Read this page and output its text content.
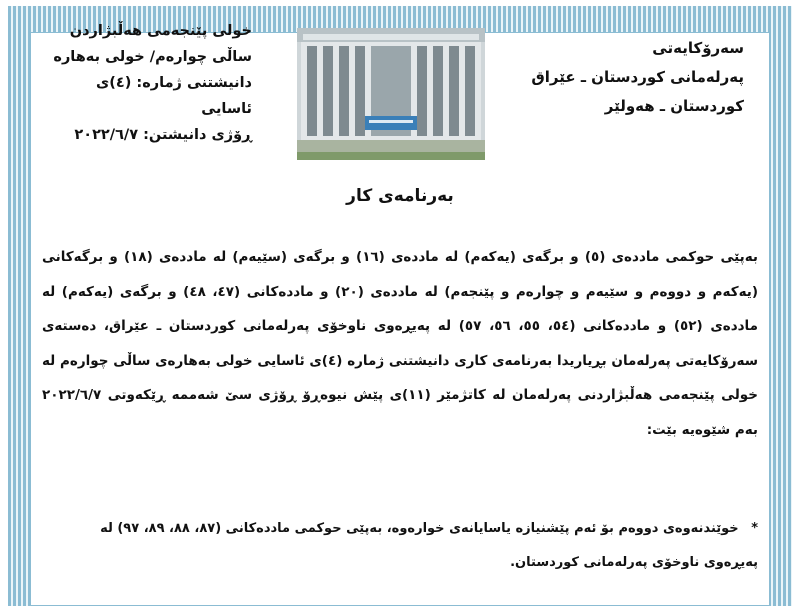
خولی پێنجەمی هەڵبژاردن
ساڵی چوارەم/ خولی بەهارە
دانیشتنی ژمارە: (٤)ی ئاسایی
ڕۆژی دانیشتن: ٢٠٢٢/٦/٧
سەرۆکایەتی
پەرلەمانی کوردستان ـ عێراق
کوردستان ـ هەولێر
بەرنامەی کار
بەپێی حوکمی ماددەی (٥) و برگەی (یەکەم) لە ماددەی (١٦) و برگەی (سێیەم) لە ماددەی (١٨) و برگەکانی (یەکەم و دووەم و سێیەم و چوارەم و پێنجەم) لە ماددەی (٢٠) و ماددەکانی (٤٧، ٤٨) و برگەی (یەکەم) لە ماددەی (٥٢) و ماددەکانی (٥٤، ٥٥، ٥٦، ٥٧) لە پەیڕەوی ناوخۆی پەرلەمانی کوردستان ـ عێراق، دەستەی سەرۆکایەتی پەرلەمان بڕیاریدا بەرنامەی کاری دانیشتنی ژمارە (٤)ی ئاسایی خولی بەهارەی ساڵی چوارەم لە خولی پێنجەمی هەڵبژاردنی پەرلەمان لە کاتژمێر (١١)ی پێش نیوەڕۆ ڕۆژی سێ شەممە ڕێکەوتی ٢٠٢٢/٦/٧ بەم شێوەیە بێت:
* خوێندنەوەی دووەم بۆ ئەم پێشنیازە یاسایانەی خوارەوە، بەپێی حوکمی ماددەکانی (٨٧، ٨٨، ٨٩، ٩٧) لە پەیڕەوی ناوخۆی پەرلەمانی کوردستان.
